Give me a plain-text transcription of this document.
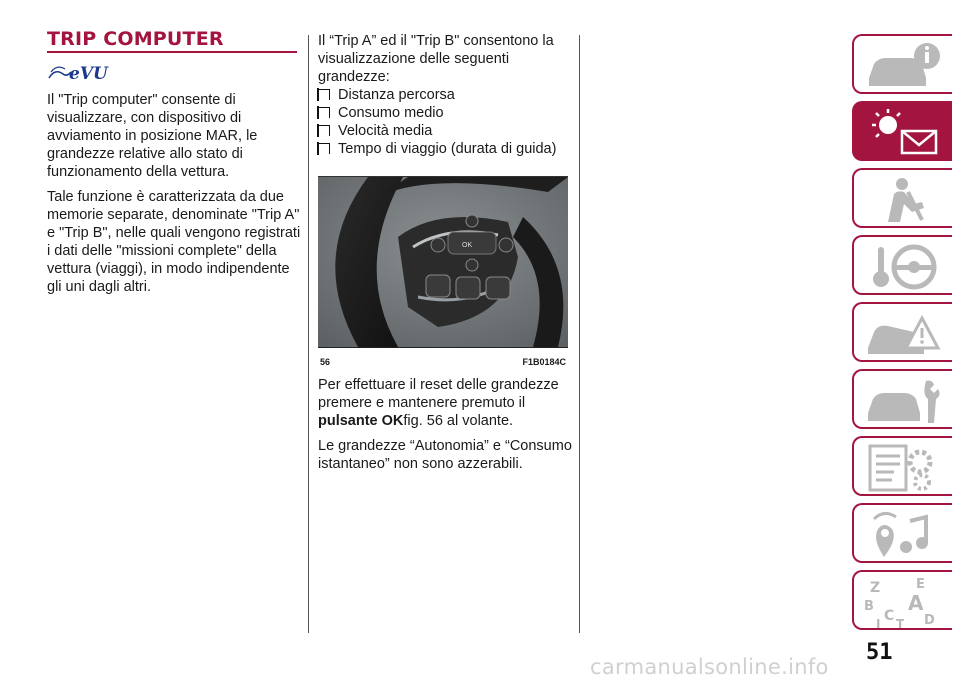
TRIP COMPUTER
eVU

Il "Trip computer" consente di visualizzare, con dispositivo di avviamento in posizione MAR, le grandezze relative allo stato di funzionamento della vettura.

Tale funzione è caratterizzata da due memorie separate, denominate "Trip A" e "Trip B", nelle quali vengono registrati i dati delle "missioni complete" della vettura (viaggi), in modo indipendente gli uni dagli altri.

Il “Trip A” ed il "Trip B" consentono la visualizzazione delle seguenti grandezze:

Distanza percorsa
Consumo medio
Velocità media
Tempo di viaggio (durata di guida)
OK
56	F1B0184C

Per effettuare il reset delle grandezze premere e mantenere premuto il pulsante OKfig. 56 al volante.

Le grandezze “Autonomia” e “Consumo istantaneo” non sono azzerabili.

Z	E
B A
C D
T
I
51
carmanualsonline.info
